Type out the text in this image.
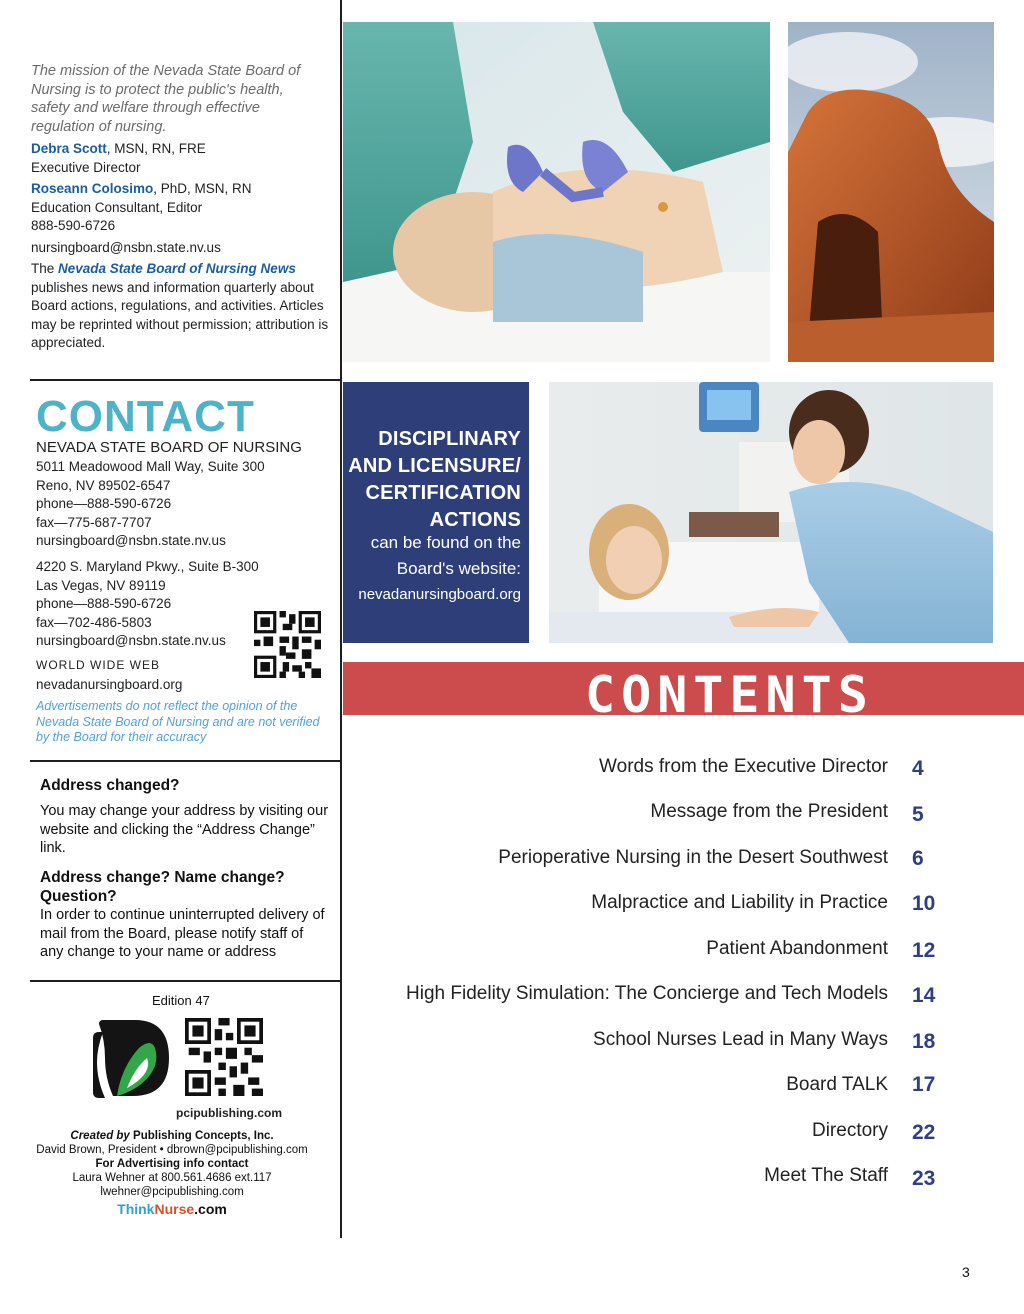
The mission of the Nevada State Board of Nursing is to protect the public's health, safety and welfare through effective regulation of nursing.
Debra Scott, MSN, RN, FRE
Executive Director
Roseann Colosimo, PhD, MSN, RN
Education Consultant, Editor
888-590-6726
nursingboard@nsbn.state.nv.us
The Nevada State Board of Nursing News publishes news and information quarterly about Board actions, regulations, and activities. Articles may be reprinted without permission; attribution is appreciated.
CONTACT
NEVADA STATE BOARD OF NURSING
5011 Meadowood Mall Way, Suite 300
Reno, NV 89502-6547
phone—888-590-6726
fax—775-687-7707
nursingboard@nsbn.state.nv.us
4220 S. Maryland Pkwy., Suite B-300
Las Vegas, NV 89119
phone—888-590-6726
fax—702-486-5803
nursingboard@nsbn.state.nv.us
WORLD WIDE WEB
nevadanursingboard.org
Advertisements do not reflect the opinion of the Nevada State Board of Nursing and are not verified by the Board for their accuracy
Address changed?
You may change your address by visiting our website and clicking the “Address Change” link.
Address change? Name change? Question?
In order to continue uninterrupted delivery of mail from the Board, please notify staff of any change to your name or address
Edition 47
pcipublishing.com
Created by Publishing Concepts, Inc.
David Brown, President • dbrown@pcipublishing.com
For Advertising info contact
Laura Wehner at 800.561.4686 ext.117
lwehner@pcipublishing.com
ThinkNurse.com
DISCIPLINARY
AND LICENSURE/
CERTIFICATION
ACTIONS
can be found on the
Board's website:
nevadanursingboard.org
CONTENTS
Words from the Executive Director 4
Message from the President 5
Perioperative Nursing in the Desert Southwest 6
Malpractice and Liability in Practice 10
Patient Abandonment 12
High Fidelity Simulation: The Concierge and Tech Models 14
School Nurses Lead in Many Ways 18
Board TALK 17
Directory 22
Meet The Staff 23
3
